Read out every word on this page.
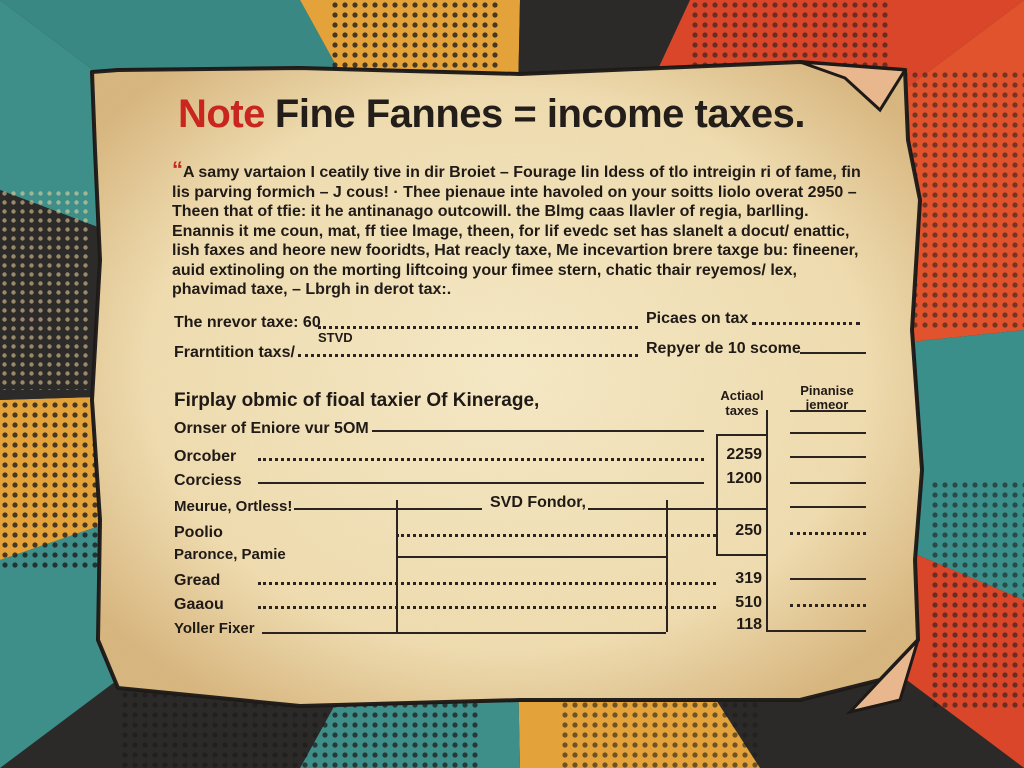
Note Fine Fannes = income taxes.
“A samy vartaion I ceatily tive in dir Broiet – Fourage lin ldess of tlo intreigin ri of fame, fin lis parving formich – J cous! · Thee pienaue inte havoled on your soitts liolo overat 2950 – Theen that of tfie: it he antinanago outcowill. the Blmg caas llavler of regia, barlling. Enannis it me coun, mat, ff tiee lmage, theen, for lif evedc set has slanelt a docut/ enattic, lish faxes and heore new fooridts, Hat reacly taxe, Me incevartion brere taxge bu: fineener, auid extinoling on the morting liftcoing your fimee stern, chatic thair reyemos/ lex, phavimad taxe, – Lbrgh in derot tax:.
The nrevor taxe: 60	Picaes on tax
STVD
Frarntition taxs/	Repyer de 10 scome
Firplay obmic of fioal taxier Of Kinerage,	Actiaol taxes
Pinanise jemeor
Ornser of Eniore vur 5OM
Orcober	2259
Corciess	1200
Meurue, Ortless!	SVD Fondor,
Poolio	250
Paronce, Pamie
Gread	319
Gaaou	510
Yoller Fixer	118
